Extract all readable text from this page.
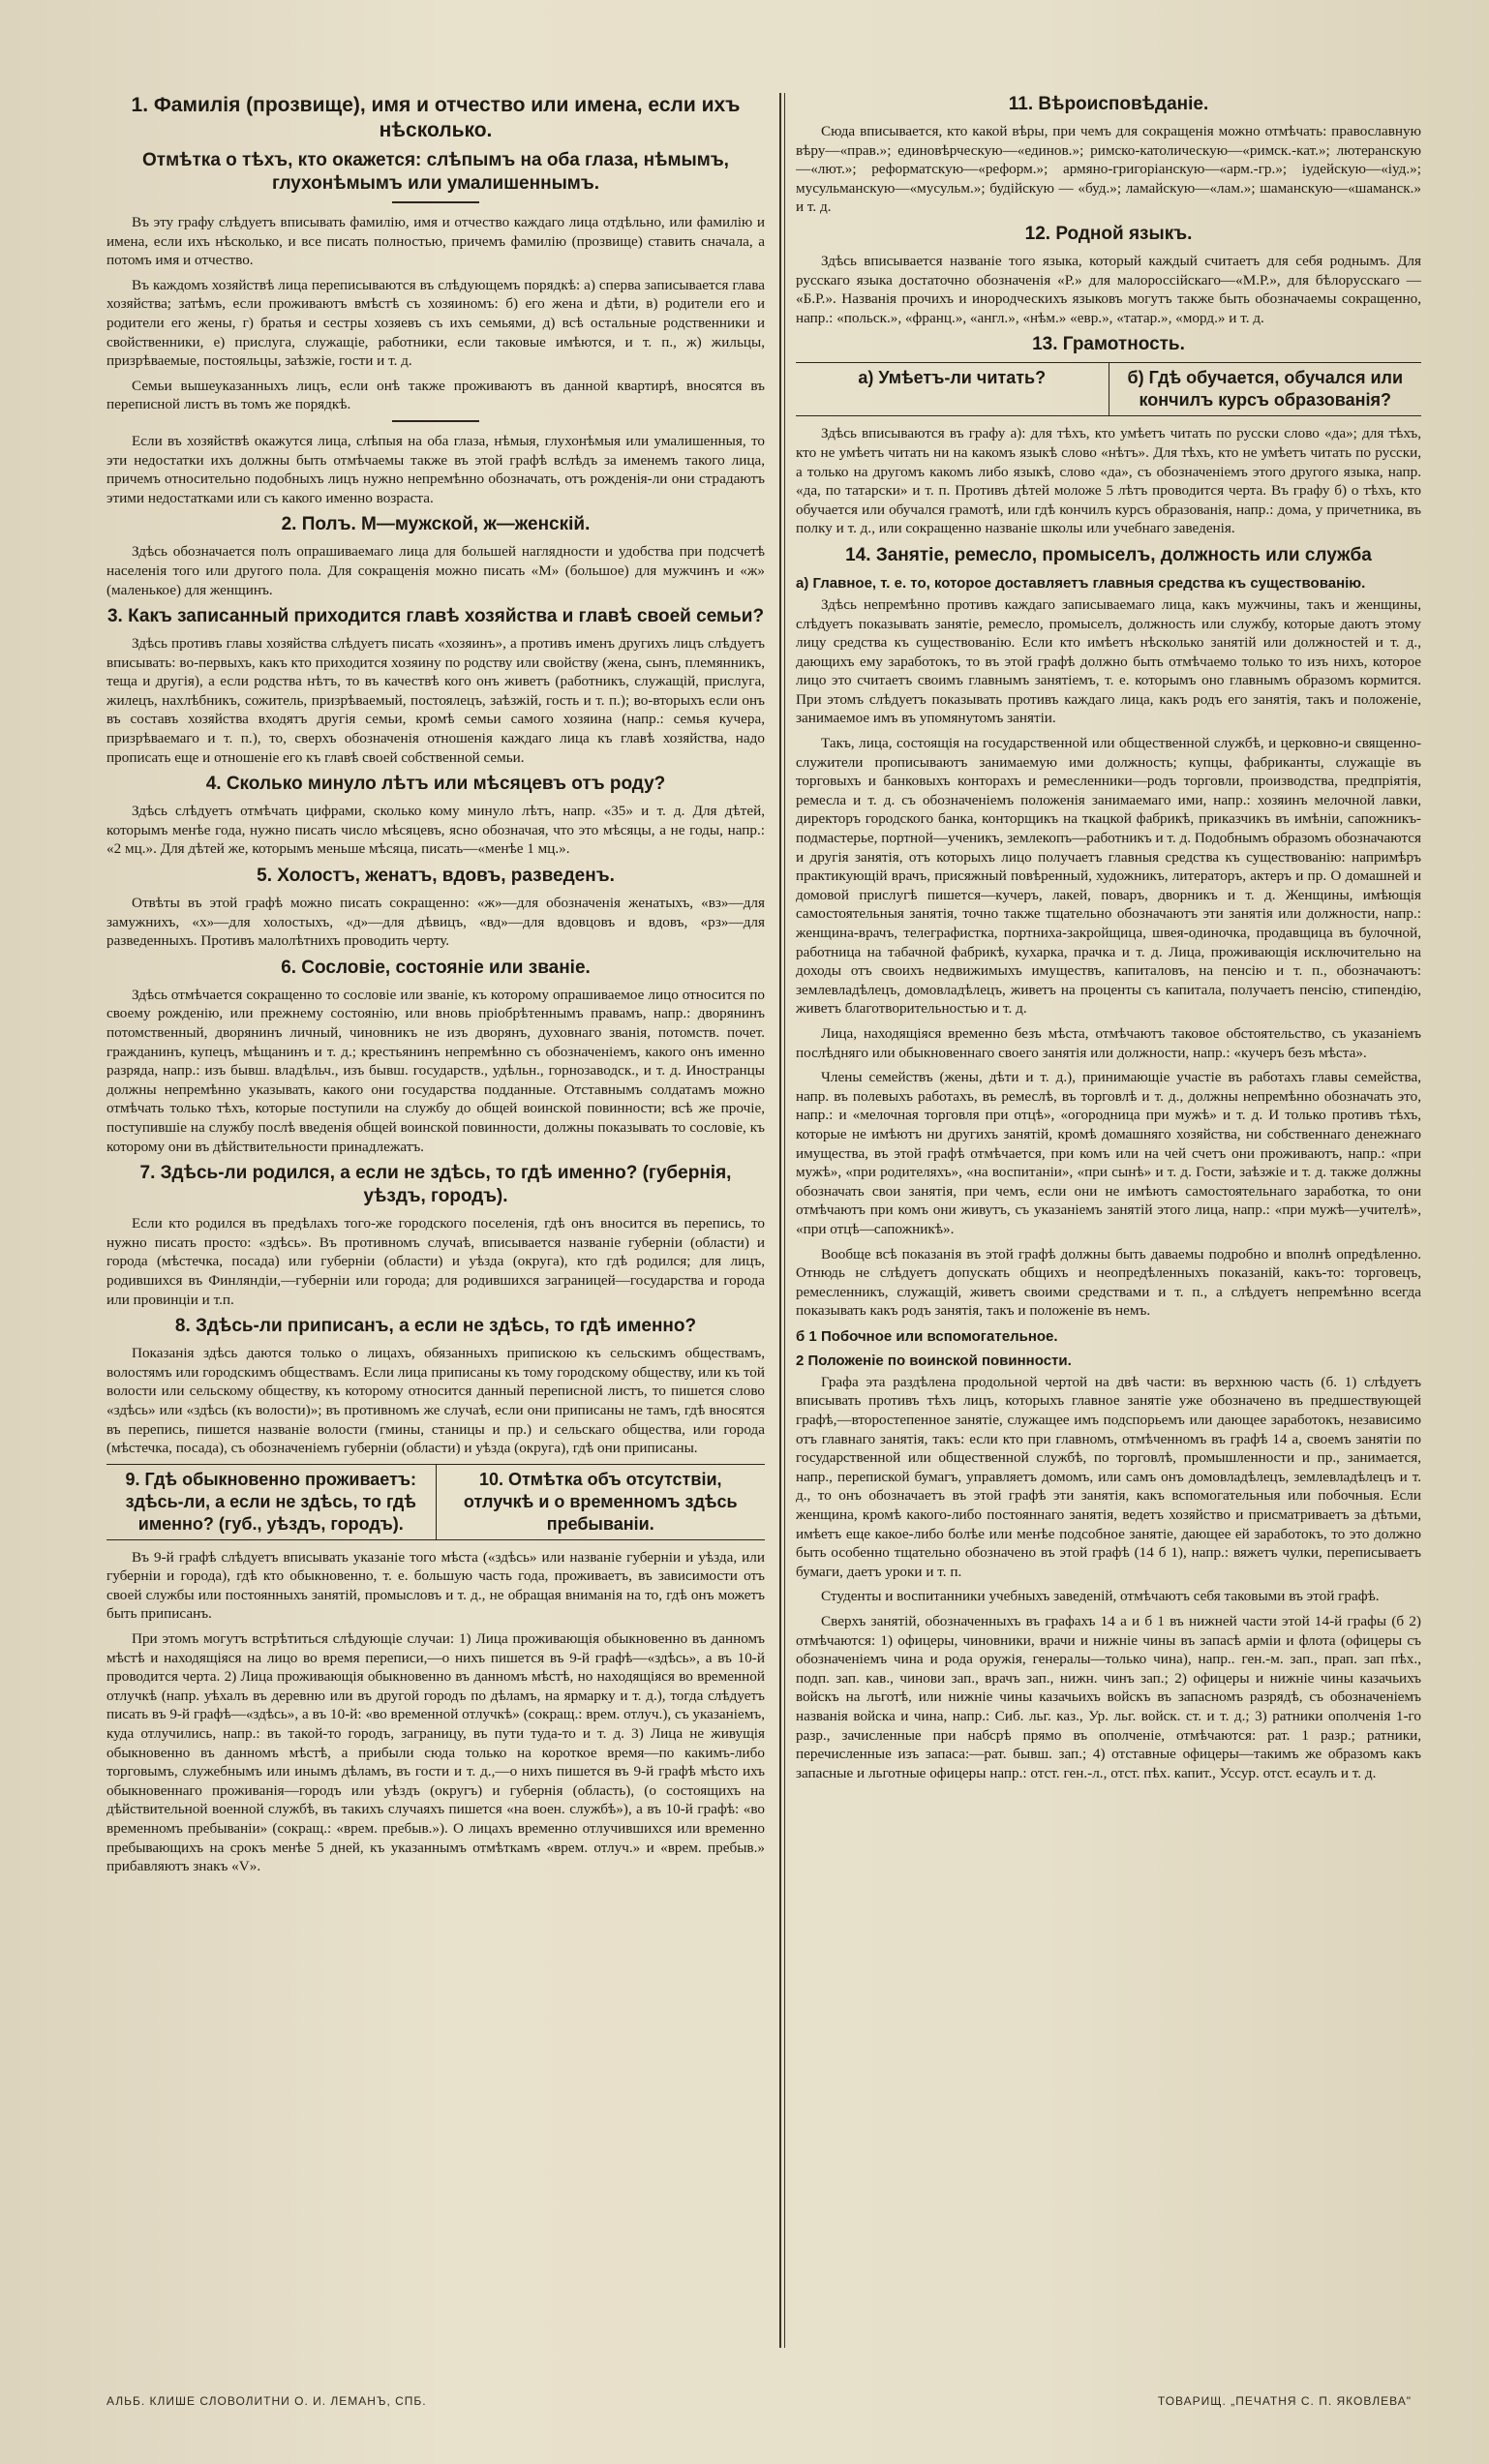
1. Фамилія (прозвище), имя и отчество или имена, если ихъ нѣсколько.
Отмѣтка о тѣхъ, кто окажется: слѣпымъ на оба глаза, нѣмымъ, глухонѣмымъ или умалишеннымъ.

Въ эту графу слѣдуетъ вписывать фамилію, имя и отчество каждаго лица отдѣльно, или фамилію и имена, если ихъ нѣсколько, и все писать полностью, причемъ фамилію (прозвище) ставить сначала, а потомъ имя и отчество.

Въ каждомъ хозяйствѣ лица переписываются въ слѣдующемъ порядкѣ: а) сперва записывается глава хозяйства; затѣмъ, если проживаютъ вмѣстѣ съ хозяиномъ: б) его жена и дѣти, в) родители его и родители его жены, г) братья и сестры хозяевъ съ ихъ семьями, д) всѣ остальные родственники и свойственники, е) прислуга, служащіе, работники, если таковые имѣются, и т. п., ж) жильцы, призрѣваемые, постояльцы, заѣзжіе, гости и т. д.

Семьи вышеуказанныхъ лицъ, если онѣ также проживаютъ въ данной квартирѣ, вносятся въ переписной листъ въ томъ же порядкѣ.

Если въ хозяйствѣ окажутся лица, слѣпыя на оба глаза, нѣмыя, глухонѣмыя или умалишенныя, то эти недостатки ихъ должны быть отмѣчаемы также въ этой графѣ вслѣдъ за именемъ такого лица, причемъ относительно подобныхъ лицъ нужно непремѣнно обозначать, отъ рожденія-ли они страдаютъ этими недостатками или съ какого именно возраста.

2. Полъ. М—мужской, ж—женскій.

Здѣсь обозначается полъ опрашиваемаго лица для большей наглядности и удобства при подсчетѣ населенія того или другого пола. Для сокращенія можно писать «М» (большое) для мужчинъ и «ж» (маленькое) для женщинъ.

3. Какъ записанный приходится главѣ хозяйства и главѣ своей семьи?

Здѣсь противъ главы хозяйства слѣдуетъ писать «хозяинъ», а противъ именъ другихъ лицъ слѣдуетъ вписывать: во-первыхъ, какъ кто приходится хозяину по родству или свойству (жена, сынъ, племянникъ, теща и другія), а если родства нѣтъ, то въ качествѣ кого онъ живетъ (работникъ, служащій, прислуга, жилецъ, нахлѣбникъ, сожитель, призрѣваемый, постоялецъ, заѣзжій, гость и т. п.); во-вторыхъ если онъ въ составъ хозяйства входятъ другія семьи, кромѣ семьи самого хозяина (напр.: семья кучера, призрѣваемаго и т. п.), то, сверхъ обозначенія отношенія каждаго лица къ главѣ хозяйства, надо прописать еще и отношеніе его къ главѣ своей собственной семьи.

4. Сколько минуло лѣтъ или мѣсяцевъ отъ роду?

Здѣсь слѣдуетъ отмѣчать цифрами, сколько кому минуло лѣтъ, напр. «35» и т. д. Для дѣтей, которымъ менѣе года, нужно писать число мѣсяцевъ, ясно обозначая, что это мѣсяцы, а не годы, напр.: «2 мц.». Для дѣтей же, которымъ меньше мѣсяца, писать—«менѣе 1 мц.».

5. Холостъ, женатъ, вдовъ, разведенъ.

Отвѣты въ этой графѣ можно писать сокращенно: «ж»—для обозначенія женатыхъ, «вз»—для замужнихъ, «х»—для холостыхъ, «д»—для дѣвицъ, «вд»—для вдовцовъ и вдовъ, «рз»—для разведенныхъ. Противъ малолѣтнихъ проводить черту.

6. Сословіе, состояніе или званіе.

Здѣсь отмѣчается сокращенно то сословіе или званіе, къ которому опрашиваемое лицо относится по своему рожденію, или прежнему состоянію, или вновь пріобрѣтеннымъ правамъ, напр.: дворянинъ потомственный, дворянинъ личный, чиновникъ не изъ дворянъ, духовнаго званія, потомств. почет. гражданинъ, купецъ, мѣщанинъ и т. д.; крестьянинъ непремѣнно съ обозначеніемъ, какого онъ именно разряда, напр.: изъ бывш. владѣльч., изъ бывш. государств., удѣльн., горнозаводск., и т. д. Иностранцы должны непремѣнно указывать, какого они государства подданные. Отставнымъ солдатамъ можно отмѣчать только тѣхъ, которые поступили на службу до общей воинской повинности; всѣ же прочіе, поступившіе на службу послѣ введенія общей воинской повинности, должны показывать то сословіе, къ которому они въ дѣйствительности принадлежатъ.

7. Здѣсь-ли родился, а если не здѣсь, то гдѣ именно? (губернія, уѣздъ, городъ).

Если кто родился въ предѣлахъ того-же городского поселенія, гдѣ онъ вносится въ перепись, то нужно писать просто: «здѣсь». Въ противномъ случаѣ, вписывается названіе губерніи (области) и города (мѣстечка, посада) или губерніи (области) и уѣзда (округа), кто гдѣ родился; для лицъ, родившихся въ Финляндіи,—губерніи или города; для родившихся заграницей—государства и города или провинціи и т.п.

8. Здѣсь-ли приписанъ, а если не здѣсь, то гдѣ именно?

Показанія здѣсь даются только о лицахъ, обязанныхъ припискою къ сельскимъ обществамъ, волостямъ или городскимъ обществамъ. Если лица приписаны къ тому городскому обществу, или къ той волости или сельскому обществу, къ которому относится данный переписной листъ, то пишется слово «здѣсь» или «здѣсь (къ волости)»; въ противномъ же случаѣ, если они приписаны не тамъ, гдѣ вносятся въ перепись, пишется названіе волости (гмины, станицы и пр.) и сельскаго общества, или города (мѣстечка, посада), съ обозначеніемъ губерніи (области) и уѣзда (округа), гдѣ они приписаны.

9. Гдѣ обыкновенно проживаетъ: здѣсь-ли, а если не здѣсь, то гдѣ именно? (губ., уѣздъ, городъ).
10. Отмѣтка объ отсутствіи, отлучкѣ и о временномъ здѣсь пребываніи.

Въ 9-й графѣ слѣдуетъ вписывать указаніе того мѣста («здѣсь» или названіе губерніи и уѣзда, или губерніи и города), гдѣ кто обыкновенно, т. е. большую часть года, проживаетъ, въ зависимости отъ своей службы или постоянныхъ занятій, промысловъ и т. д., не обращая вниманія на то, гдѣ онъ можетъ быть приписанъ.

При этомъ могутъ встрѣтиться слѣдующіе случаи: 1) Лица проживающія обыкновенно въ данномъ мѣстѣ и находящіяся на лицо во время переписи,—о нихъ пишется въ 9-й графѣ—«здѣсь», а въ 10-й проводится черта. 2) Лица проживающія обыкновенно въ данномъ мѣстѣ, но находящіяся во временной отлучкѣ (напр. уѣхалъ въ деревню или въ другой городъ по дѣламъ, на ярмарку и т. д.), тогда слѣдуетъ писать въ 9-й графѣ—«здѣсь», а въ 10-й: «во временной отлучкѣ» (сокращ.: врем. отлуч.), съ указаніемъ, куда отлучились, напр.: въ такой-то городъ, заграницу, въ пути туда-то и т. д. 3) Лица не живущія обыкновенно въ данномъ мѣстѣ, а прибыли сюда только на короткое время—по какимъ-либо торговымъ, служебнымъ или инымъ дѣламъ, въ гости и т. д.,—о нихъ пишется въ 9-й графѣ мѣсто ихъ обыкновеннаго проживанія—городъ или уѣздъ (округъ) и губернія (область), (о состоящихъ на дѣйствительной военной службѣ, въ такихъ случаяхъ пишется «на воен. службѣ»), а въ 10-й графѣ: «во временномъ пребываніи» (сокращ.: «врем. пребыв.»). О лицахъ временно отлучившихся или временно пребывающихъ на срокъ менѣе 5 дней, къ указаннымъ отмѣткамъ «врем. отлуч.» и «врем. пребыв.» прибавляютъ знакъ «V».

11. Вѣроисповѣданіе.

Сюда вписывается, кто какой вѣры, при чемъ для сокращенія можно отмѣчать: православную вѣру—«прав.»; единовѣрческую—«единов.»; римско-католическую—«римск.-кат.»; лютеранскую—«лют.»; реформатскую—«реформ.»; армяно-григоріанскую—«арм.-гр.»; іудейскую—«іуд.»; мусульманскую—«мусульм.»; будійскую — «буд.»; ламайскую—«лам.»; шаманскую—«шаманск.» и т. д.

12. Родной языкъ.

Здѣсь вписывается названіе того языка, который каждый считаетъ для себя роднымъ. Для русскаго языка достаточно обозначенія «Р.» для малороссійскаго—«М.Р.», для бѣлорусскаго — «Б.Р.». Названія прочихъ и инородческихъ языковъ могутъ также быть обозначаемы сокращенно, напр.: «польск.», «франц.», «англ.», «нѣм.» «евр.», «татар.», «морд.» и т. д.

13. Грамотность.
а) Умѣетъ-ли читать?	б) Гдѣ обучается, обучался или кончилъ курсъ образованія?

Здѣсь вписываются въ графу а): для тѣхъ, кто умѣетъ читать по русски слово «да»; для тѣхъ, кто не умѣетъ читать ни на какомъ языкѣ слово «нѣтъ». Для тѣхъ, кто не умѣетъ читать по русски, а только на другомъ какомъ либо языкѣ, слово «да», съ обозначеніемъ этого другого языка, напр. «да, по татарски» и т. п. Противъ дѣтей моложе 5 лѣтъ проводится черта. Въ графу б) о тѣхъ, кто обучается или обучался грамотѣ, или гдѣ кончилъ курсъ образованія, напр.: дома, у причетника, въ полку и т. д., или сокращенно названіе школы или учебнаго заведенія.

14. Занятіе, ремесло, промыселъ, должность или служба
а) Главное, т. е. то, которое доставляетъ главныя средства къ существованію.

Здѣсь непремѣнно противъ каждаго записываемаго лица, какъ мужчины, такъ и женщины, слѣдуетъ показывать занятіе, ремесло, промыселъ, должность или службу, которые даютъ этому лицу средства къ существованію. Если кто имѣетъ нѣсколько занятій или должностей и т. д., дающихъ ему заработокъ, то въ этой графѣ должно быть отмѣчаемо только то изъ нихъ, которое лицо это считаетъ своимъ главнымъ занятіемъ, т. е. которымъ оно главнымъ образомъ кормится. При этомъ слѣдуетъ показывать противъ каждаго лица, какъ родъ его занятія, такъ и положеніе, занимаемое имъ въ упомянутомъ занятіи.

Такъ, лица, состоящія на государственной или общественной службѣ, и церковно-и священно-служители прописываютъ занимаемую ими должность; купцы, фабриканты, служащіе въ торговыхъ и банковыхъ конторахъ и ремесленники—родъ торговли, производства, предпріятія, ремесла и т. д. съ обозначеніемъ положенія занимаемаго ими, напр.: хозяинъ мелочной лавки, директоръ городского банка, конторщикъ на ткацкой фабрикѣ, приказчикъ въ имѣніи, сапожникъ-подмастерье, портной—ученикъ, землекопъ—работникъ и т. д. Подобнымъ образомъ обозначаются и другія занятія, отъ которыхъ лицо получаетъ главныя средства къ существованію: напримѣръ практикующій врачъ, присяжный повѣренный, художникъ, литераторъ, актеръ и пр. О домашней и домовой прислугѣ пишется—кучеръ, лакей, поваръ, дворникъ и т. д. Женщины, имѣющія самостоятельныя занятія, точно также тщательно обозначаютъ эти занятія или должности, напр.: женщина-врачъ, телеграфистка, портниха-закройщица, швея-одиночка, продавщица въ булочной, работница на табачной фабрикѣ, кухарка, прачка и т. д. Лица, проживающія исключительно на доходы отъ своихъ недвижимыхъ имуществъ, капиталовъ, на пенсію и т. п., обозначаютъ: землевладѣлецъ, домовладѣлецъ, живетъ на проценты съ капитала, получаетъ пенсію, стипендію, живетъ благотворительностью и т. д.

Лица, находящіяся временно безъ мѣста, отмѣчаютъ таковое обстоятельство, съ указаніемъ послѣдняго или обыкновеннаго своего занятія или должности, напр.: «кучеръ безъ мѣста».

Члены семействъ (жены, дѣти и т. д.), принимающіе участіе въ работахъ главы семейства, напр. въ полевыхъ работахъ, въ ремеслѣ, въ торговлѣ и т. д., должны непремѣнно обозначать это, напр.: и «мелочная торговля при отцѣ», «огородница при мужѣ» и т. д. И только противъ тѣхъ, которые не имѣютъ ни другихъ занятій, кромѣ домашняго хозяйства, ни собственнаго денежнаго имущества, въ этой графѣ отмѣчается, при комъ или на чей счетъ они проживаютъ, напр.: «при мужѣ», «при родителяхъ», «на воспитаніи», «при сынѣ» и т. д. Гости, заѣзжіе и т. д. также должны обозначать свои занятія, при чемъ, если они не имѣютъ самостоятельнаго заработка, то они отмѣчаютъ при комъ они живутъ, съ указаніемъ занятій этого лица, напр.: «при мужѣ—учителѣ», «при отцѣ—сапожникѣ».

Вообще всѣ показанія въ этой графѣ должны быть даваемы подробно и вполнѣ опредѣленно. Отнюдь не слѣдуетъ допускать общихъ и неопредѣленныхъ показаній, какъ-то: торговецъ, ремесленникъ, служащій, живетъ своими средствами и т. п., а слѣдуетъ непремѣнно всегда показывать какъ родъ занятія, такъ и положеніе въ немъ.

б 1 Побочное или вспомогательное.
2 Положеніе по воинской повинности.

Графа эта раздѣлена продольной чертой на двѣ части: въ верхнюю часть (б. 1) слѣдуетъ вписывать противъ тѣхъ лицъ, которыхъ главное занятіе уже обозначено въ предшествующей графѣ,—второстепенное занятіе, служащее имъ подспорьемъ или дающее заработокъ, независимо отъ главнаго занятія, такъ: если кто при главномъ, отмѣченномъ въ графѣ 14 а, своемъ занятіи по государственной или общественной службѣ, по торговлѣ, промышленности и пр., занимается, напр., перепиской бумагъ, управляетъ домомъ, или самъ онъ домовладѣлецъ, землевладѣлецъ и т. д., то онъ обозначаетъ въ этой графѣ эти занятія, какъ вспомогательныя или побочныя. Если женщина, кромѣ какого-либо постояннаго занятія, ведетъ хозяйство и присматриваетъ за дѣтьми, имѣетъ еще какое-либо болѣе или менѣе подсобное занятіе, дающее ей заработокъ, то это должно быть особенно тщательно обозначено въ этой графѣ (14 б 1), напр.: вяжетъ чулки, переписываетъ бумаги, даетъ уроки и т. п.

Студенты и воспитанники учебныхъ заведеній, отмѣчаютъ себя таковыми въ этой графѣ.

Сверхъ занятій, обозначенныхъ въ графахъ 14 а и б 1 въ нижней части этой 14-й графы (б 2) отмѣчаются: 1) офицеры, чиновники, врачи и нижніе чины въ запасѣ арміи и флота (офицеры съ обозначеніемъ чина и рода оружія, генералы—только чина), напр.. ген.-м. зап., прап. зап пѣх., подп. зап. кав., чинови зап., врачъ зап., нижн. чинъ зап.; 2) офицеры и нижніе чины казачьихъ войскъ на льготѣ, или нижніе чины казачьихъ войскъ въ запасномъ разрядѣ, съ обозначеніемъ названія войска и чина, напр.: Сиб. льг. каз., Ур. льг. войск. ст. и т. д.; 3) ратники ополченія 1-го разр., зачисленные при набсрѣ прямо въ ополченіе, отмѣчаются: рат. 1 разр.; ратники, перечисленные изъ запаса:—рат. бывш. зап.; 4) отставные офицеры—такимъ же образомъ какъ запасные и льготные офицеры напр.: отст. ген.-л., отст. пѣх. капит., Уссур. отст. есаулъ и т. д.

АЛЬБ. КЛИШЕ СЛОВОЛИТНИ О. И. ЛЕМАНЪ, СПБ.	ТОВАРИЩ. „ПЕЧАТНЯ С. П. ЯКОВЛЕВА"
